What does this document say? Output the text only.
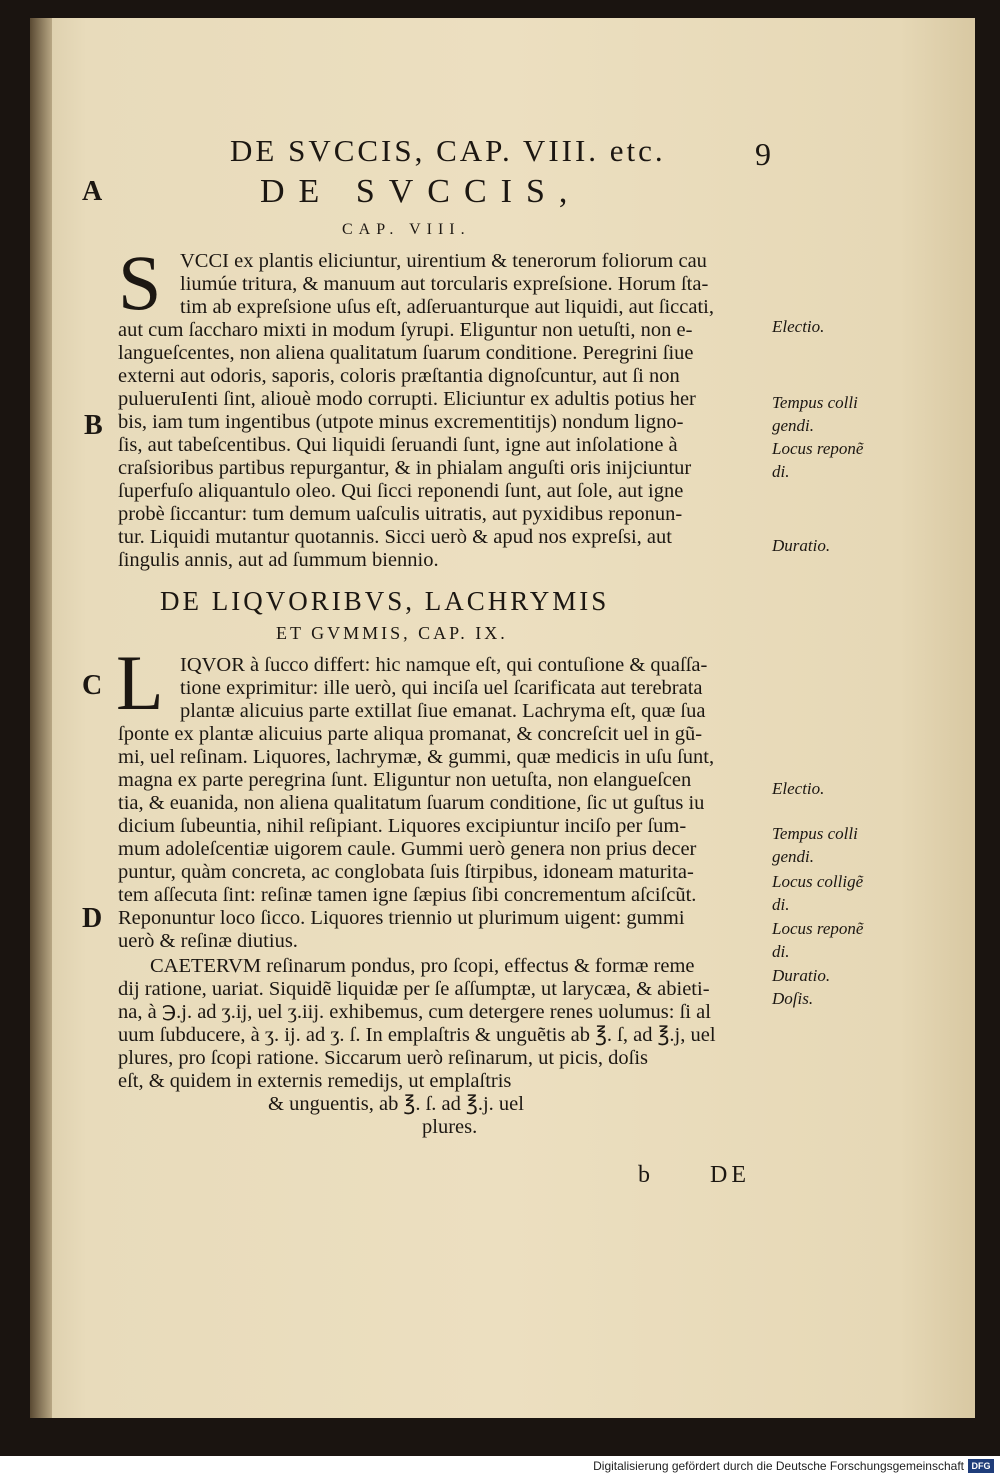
DE SVCCIS, CAP. VIII. etc.	9
A
B
C
D
DE SVCCIS,
CAP. VIII.
S VCCI ex plantis eliciuntur, uirentium & tenerorum foliorum cau
liumúe tritura, & manuum aut torcularis expreſsione. Horum ſta-
tim ab expreſsione uſus eſt, adſeruanturque aut liquidi, aut ſiccati,
aut cum ſaccharo mixti in modum ſyrupi. Eliguntur non uetuſti, non e-
langueſcentes, non aliena qualitatum ſuarum conditione. Peregrini ſiue
externi aut odoris, saporis, coloris præſtantia dignoſcuntur, aut ſi non
pulueruIenti ſint, aliouè modo corrupti. Eliciuntur ex adultis potius her
bis, iam tum ingentibus (utpote minus excrementitijs) nondum ligno-
ſis, aut tabeſcentibus. Qui liquidi ſeruandi ſunt, igne aut inſolatione à
craſsioribus partibus repurgantur, & in phialam anguſti oris inijciuntur
ſuperfuſo aliquantulo oleo. Qui ſicci reponendi ſunt, aut ſole, aut igne
probè ſiccantur: tum demum uaſculis uitratis, aut pyxidibus reponun-
tur. Liquidi mutantur quotannis. Sicci uerò & apud nos expreſsi, aut
ſingulis annis, aut ad ſummum biennio.
DE LIQVORIBVS, LACHRYMIS
ET GVMMIS, CAP. IX.
L IQVOR à ſucco differt: hic namque eſt, qui contuſione & quaſſa-
tione exprimitur: ille uerò, qui inciſa uel ſcarificata aut terebrata
plantæ alicuius parte extillat ſiue emanat. Lachryma eſt, quæ ſua
ſponte ex plantæ alicuius parte aliqua promanat, & concreſcit uel in gũ-
mi, uel reſinam. Liquores, lachrymæ, & gummi, quæ medicis in uſu ſunt,
magna ex parte peregrina ſunt. Eliguntur non uetuſta, non elangueſcen
tia, & euanida, non aliena qualitatum ſuarum conditione, ſic ut guſtus iu
dicium ſubeuntia, nihil reſipiant. Liquores excipiuntur inciſo per ſum-
mum adoleſcentiæ uigorem caule. Gummi uerò genera non prius decer
puntur, quàm concreta, ac conglobata ſuis ſtirpibus, idoneam maturita-
tem aſſecuta ſint: reſinæ tamen igne ſæpius ſibi concrementum aſciſcũt.
Reponuntur loco ſicco. Liquores triennio ut plurimum uigent: gummi
uerò & reſinæ diutius.
CAETERVM reſinarum pondus, pro ſcopi, effectus & formæ reme
dij ratione, uariat. Siquidẽ liquidæ per ſe aſſumptæ, ut larycæa, & abieti-
na, à ℈.j. ad ʒ.ij, uel ʒ.iij. exhibemus, cum detergere renes uolumus: ſi al
uum ſubducere, à ʒ. ij. ad ʒ. ſ. In emplaſtris & unguẽtis ab ℥. ſ, ad ℥.j, uel
plures, pro ſcopi ratione. Siccarum uerò reſinarum, ut picis, doſis
eſt, & quidem in externis remedijs, ut emplaſtris
& unguentis, ab ℥. ſ. ad ℥.j. uel
plures.
Electio.
Tempus colli
gendi.
Locus reponẽ
di.
Duratio.
Electio.
Tempus colli
gendi.
Locus colligẽ
di.
Locus reponẽ
di.
Duratio.
Doſis.
b DE
Digitalisierung gefördert durch die Deutsche Forschungsgemeinschaft DFG
